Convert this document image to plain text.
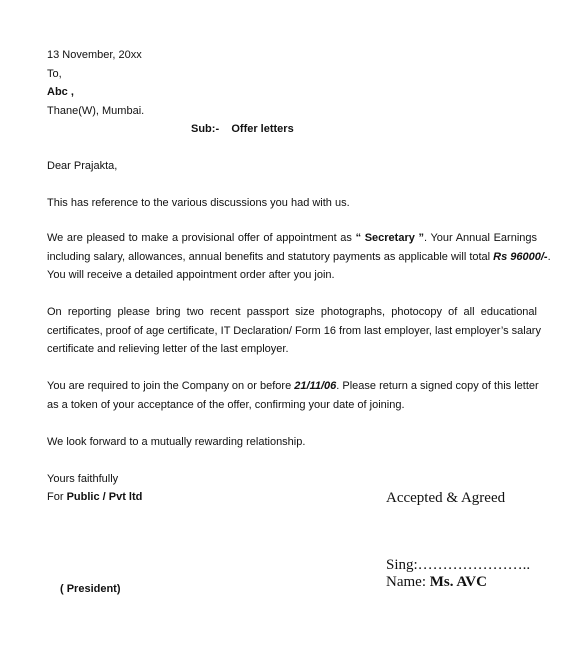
13 November, 20xx
To,
Abc ,
Thane(W), Mumbai.
Sub:- Offer letters
Dear Prajakta,
This has reference to the various discussions you had with us.
We are pleased to make a provisional offer of appointment as “ Secretary ”. Your Annual Earnings
including salary, allowances, annual benefits and statutory payments as applicable will total Rs 96000/-.
You will receive a detailed appointment order after you join.
On reporting please bring two recent passport size photographs, photocopy of all educational
certificates, proof of age certificate, IT Declaration/ Form 16 from last employer, last employer’s salary
certificate and relieving letter of the last employer.
You are required to join the Company on or before 21/11/06. Please return a signed copy of this letter
as a token of your acceptance of the offer, confirming your date of joining.
We look forward to a mutually rewarding relationship.
Yours faithfully
For Public / Pvt ltd	Accepted & Agreed
Sing:…………………..
Name: Ms. AVC
( President)
